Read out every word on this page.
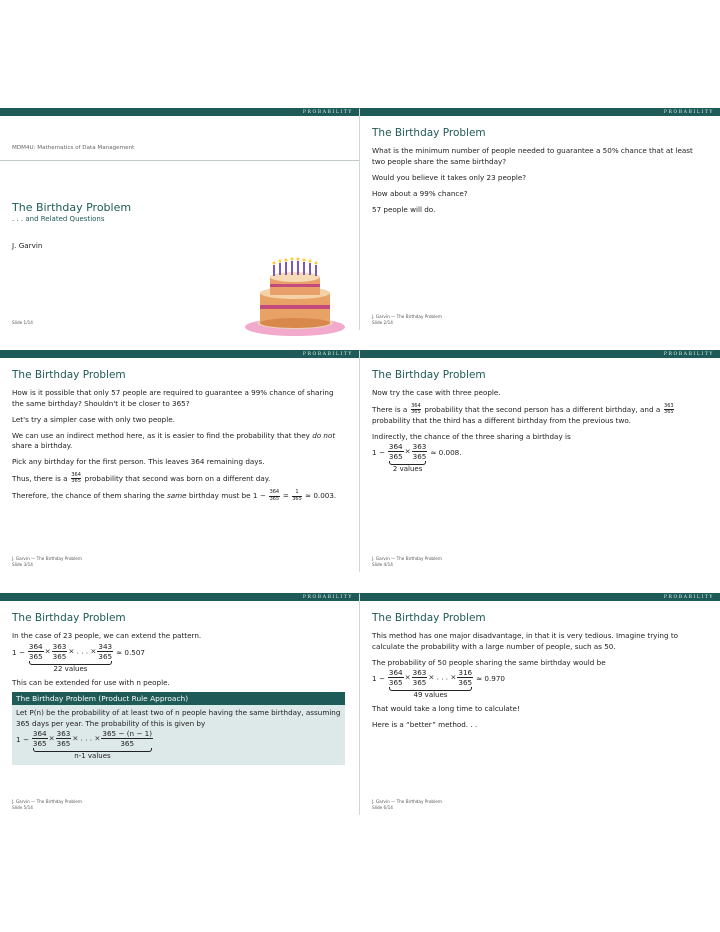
PROBABILITY
MDM4U: Mathematics of Data Management
The Birthday Problem
. . . and Related Questions
J. Garvin
Slide 1/14
PROBABILITY
The Birthday Problem
What is the minimum number of people needed to guarantee a 50% chance that at least two people share the same birthday?
Would you believe it takes only 23 people?
How about a 99% chance?
57 people will do.
J. Garvin — The Birthday Problem
Slide 2/14
PROBABILITY
The Birthday Problem
How is it possible that only 57 people are required to guarantee a 99% chance of sharing the same birthday? Shouldn't it be closer to 365?
Let's try a simpler case with only two people.
We can use an indirect method here, as it is easier to find the probability that they do not share a birthday.
Pick any birthday for the first person. This leaves 364 remaining days.
Thus, there is a $\frac{364}{365}$ probability that second was born on a different day.
Therefore, the chance of them sharing the same birthday must be $1 - \frac{364}{365} = \frac{1}{365} \approx 0.003$.
J. Garvin — The Birthday Problem
Slide 3/14
PROBABILITY
The Birthday Problem
Now try the case with three people.
There is a $\frac{364}{365}$ probability that the second person has a different birthday, and a $\frac{363}{365}$
probability that the third has a different birthday from the previous two.
Indirectly, the chance of the three sharing a birthday is
$1 - \frac{364}{365} \times \frac{363}{365}$
2 values
≈ 0.008.
J. Garvin — The Birthday Problem
Slide 4/14
PROBABILITY
The Birthday Problem
In the case of 23 people, we can extend the pattern.
$1 - \frac{364}{365} \times \frac{363}{365}$ × . . . × $\frac{343}{365}$
22 values
≈ 0.507
This can be extended for use with n people.
The Birthday Problem (Product Rule Approach)
Let P(n) be the probability of at least two of n people having the same birthday, assuming 365 days per year. The probability of this is given by
$1 - \frac{364}{365} \times \frac{363}{365}$ × . . . × $\frac{365 - (n - 1)}{365}$
n-1 values
J. Garvin — The Birthday Problem
Slide 5/14
PROBABILITY
The Birthday Problem
This method has one major disadvantage, in that it is very tedious. Imagine trying to calculate the probability with a large number of people, such as 50.
The probability of 50 people sharing the same birthday would be
$1 - \frac{364}{365} \times \frac{363}{365}$ × . . . × $\frac{316}{365}$
49 values
≈ 0.970
That would take a long time to calculate!
Here is a “better” method. . .
J. Garvin — The Birthday Problem
Slide 6/14
